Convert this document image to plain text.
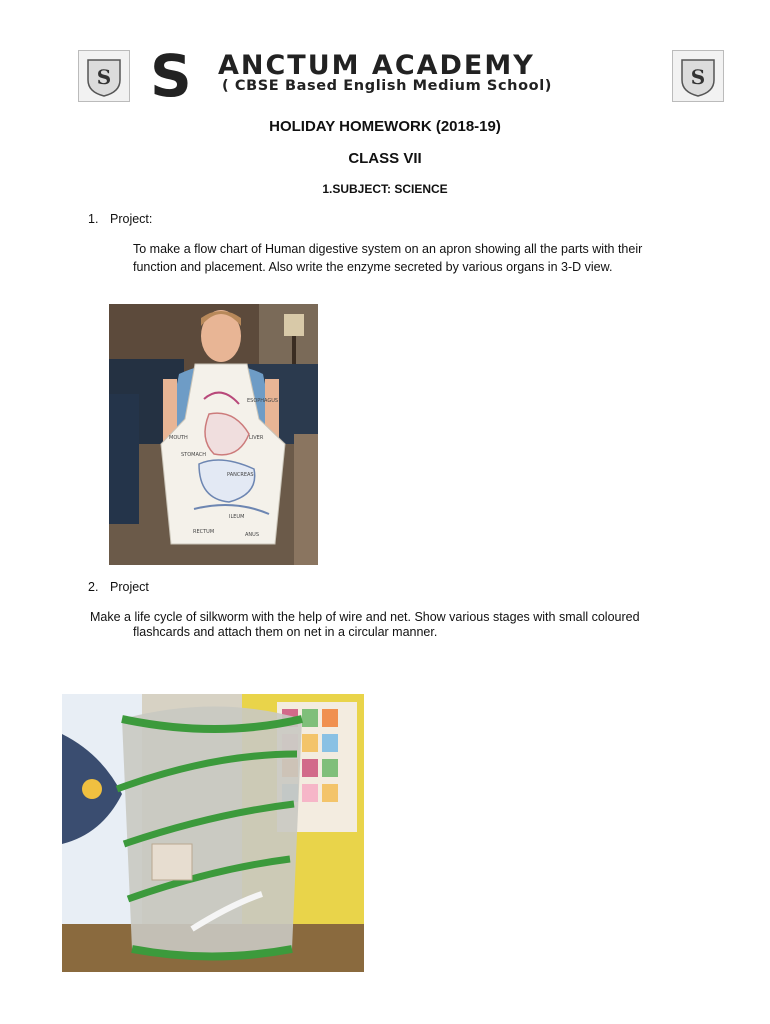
S	S
S ANCTUM ACADEMY
( CBSE Based English Medium School)
HOLIDAY HOMEWORK (2018-19)
CLASS VII
1.SUBJECT: SCIENCE
1. Project:
To make a flow chart of Human digestive system on an apron showing all the parts with their function and placement. Also write the enzyme secreted by various organs in 3-D view.
MOUTH
ESOPHAGUS
STOMACH
LIVER
PANCREAS
ILEUM
RECTUM	ANUS
2. Project
Make a life cycle of silkworm with the help of wire and net. Show various stages with small coloured
flashcards and attach them on net in a circular manner.
